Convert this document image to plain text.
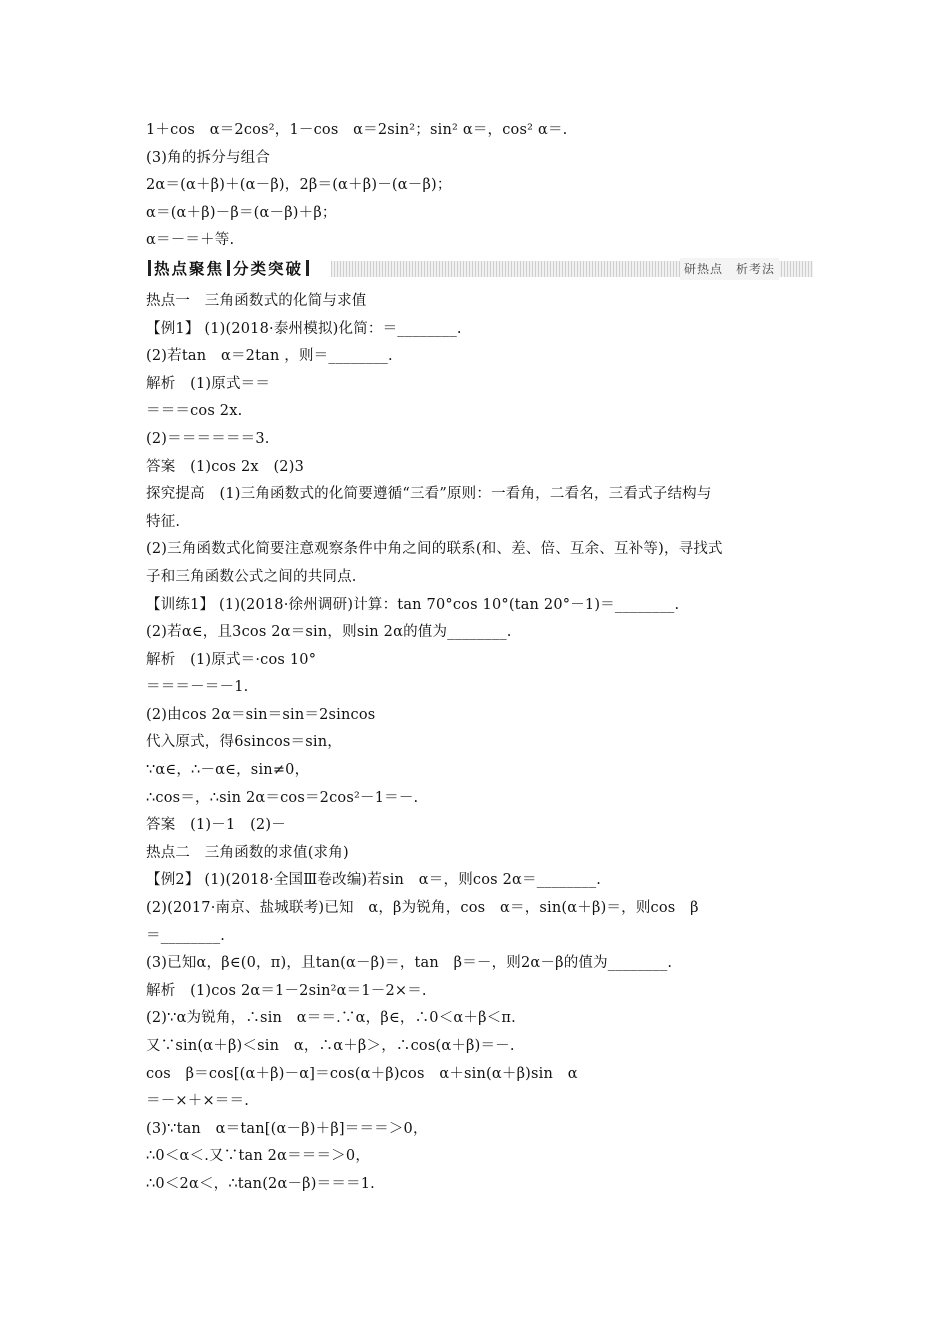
1＋cos　α＝2cos²，1－cos　α＝2sin²；sin² α＝，cos² α＝.
(3)角的拆分与组合
2α＝(α＋β)＋(α－β)，2β＝(α＋β)－(α－β)；
α＝(α＋β)－β＝(α－β)＋β；
α＝－＝＋等.
热点聚焦 分类突破	研热点　析考法
热点一　三角函数式的化简与求值
【例1】 (1)(2018·泰州模拟)化简：＝________.
(2)若tan　α＝2tan ，则＝________.
解析　(1)原式＝＝
＝＝＝cos 2x.
(2)＝＝＝＝＝＝3.
答案　(1)cos 2x　(2)3
探究提高　(1)三角函数式的化简要遵循“三看”原则：一看角，二看名，三看式子结构与
特征.
(2)三角函数式化简要注意观察条件中角之间的联系(和、差、倍、互余、互补等)，寻找式
子和三角函数公式之间的共同点.
【训练1】 (1)(2018·徐州调研)计算：tan 70°cos 10°(tan 20°－1)＝________.
(2)若α∈，且3cos 2α＝sin，则sin 2α的值为________.
解析　(1)原式＝·cos 10°
＝＝＝－＝－1.
(2)由cos 2α＝sin＝sin＝2sincos
代入原式，得6sincos＝sin，
∵α∈，∴－α∈，sin≠0，
∴cos＝，∴sin 2α＝cos＝2cos²－1＝－.
答案　(1)－1　(2)－
热点二　三角函数的求值(求角)
【例2】 (1)(2018·全国Ⅲ卷改编)若sin　α＝，则cos 2α＝________.
(2)(2017·南京、盐城联考)已知　α，β为锐角，cos　α＝，sin(α＋β)＝，则cos　β
＝________.
(3)已知α，β∈(0，π)，且tan(α－β)＝，tan　β＝－，则2α－β的值为________.
解析　(1)cos 2α＝1－2sin²α＝1－2×＝.
(2)∵α为锐角，∴sin　α＝＝.∵α，β∈，∴0＜α＋β＜π.
又∵sin(α＋β)＜sin　α，∴α＋β＞，∴cos(α＋β)＝－.
cos　β＝cos[(α＋β)－α]＝cos(α＋β)cos　α＋sin(α＋β)sin　α
＝－×＋×＝＝.
(3)∵tan　α＝tan[(α－β)＋β]＝＝＝＞0，
∴0＜α＜.又∵tan 2α＝＝＝＞0，
∴0＜2α＜，∴tan(2α－β)＝＝＝1.
